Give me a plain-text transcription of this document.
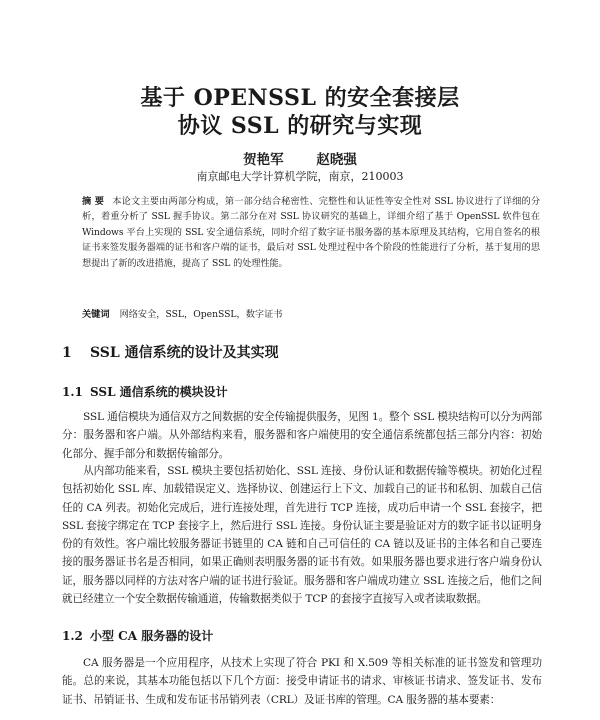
基于 OPENSSL 的安全套接层
协议 SSL 的研究与实现
贺艳军 赵晓强
南京邮电大学计算机学院，南京，210003
摘 要 本论文主要由两部分构成，第一部分结合秘密性、完整性和认证性等安全性对 SSL 协议进行了详细的分析，着重分析了 SSL 握手协议。第二部分在对 SSL 协议研究的基础上，详细介绍了基于 OpenSSL 软件包在 Windows 平台上实现的 SSL 安全通信系统，同时介绍了数字证书服务器的基本原理及其结构，它用自签名的根证书来签发服务器端的证书和客户端的证书，最后对 SSL 处理过程中各个阶段的性能进行了分析，基于复用的思想提出了新的改进措施，提高了 SSL 的处理性能。
关键词 网络安全，SSL，OpenSSL，数字证书
1 SSL 通信系统的设计及其实现
1.1 SSL 通信系统的模块设计
SSL 通信模块为通信双方之间数据的安全传输提供服务，见图 1。整个 SSL 模块结构可以分为两部分：服务器和客户端。从外部结构来看，服务器和客户端使用的安全通信系统都包括三部分内容：初始化部分、握手部分和数据传输部分。
从内部功能来看，SSL 模块主要包括初始化、SSL 连接、身份认证和数据传输等模块。初始化过程包括初始化 SSL 库、加载错误定义、选择协议、创建运行上下文、加载自己的证书和私钥、加载自己信任的 CA 列表。初始化完成后，进行连接处理，首先进行 TCP 连接，成功后申请一个 SSL 套接字，把 SSL 套接字绑定在 TCP 套接字上，然后进行 SSL 连接。身份认证主要是验证对方的数字证书以证明身份的有效性。客户端比较服务器证书链里的 CA 链和自己可信任的 CA 链以及证书的主体名和自己要连接的服务器证书名是否相同，如果正确则表明服务器的证书有效。如果服务器也要求进行客户端身份认证，服务器以同样的方法对客户端的证书进行验证。服务器和客户端成功建立 SSL 连接之后，他们之间就已经建立一个安全数据传输通道，传输数据类似于 TCP 的套接字直接写入或者读取数据。
1.2 小型 CA 服务器的设计
CA 服务器是一个应用程序，从技术上实现了符合 PKI 和 X.509 等相关标准的证书签发和管理功能。总的来说，其基本功能包括以下几个方面：接受申请证书的请求、审核证书请求、签发证书、发布证书、吊销证书、生成和发布证书吊销列表（CRL）及证书库的管理。CA 服务器的基本要素：
